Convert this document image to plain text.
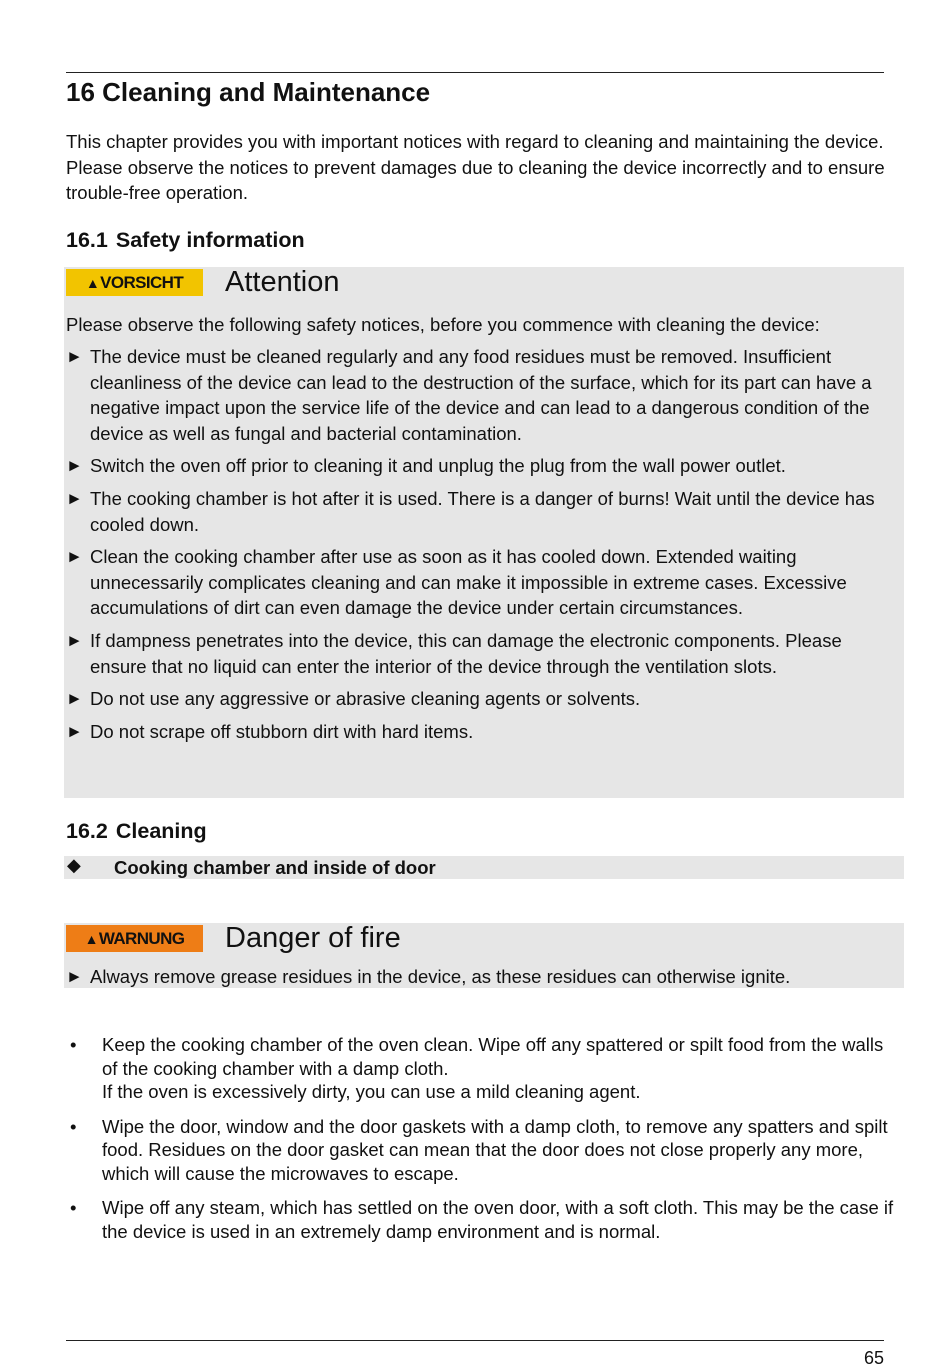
16 Cleaning and Maintenance

This chapter provides you with important notices with regard to cleaning and maintaining the device. Please observe the notices to prevent damages due to cleaning the device incorrectly and to ensure trouble-free operation.

16.1 Safety information
▲ VORSICHT Attention

Please observe the following safety notices, before you commence with cleaning the device:

► The device must be cleaned regularly and any food residues must be removed. Insufficient cleanliness of the device can lead to the destruction of the surface, which for its part can have a negative impact upon the service life of the device and can lead to a dangerous condition of the device as well as fungal and bacterial contamination.
► Switch the oven off prior to cleaning it and unplug the plug from the wall power outlet.
► The cooking chamber is hot after it is used. There is a danger of burns! Wait until the device has cooled down.
► Clean the cooking chamber after use as soon as it has cooled down. Extended waiting unnecessarily complicates cleaning and can make it impossible in extreme cases. Excessive accumulations of dirt can even damage the device under certain circumstances.
► If dampness penetrates into the device, this can damage the electronic components. Please ensure that no liquid can enter the interior of the device through the ventilation slots.
► Do not use any aggressive or abrasive cleaning agents or solvents.
► Do not scrape off stubborn dirt with hard items.
16.2 Cleaning
◆ Cooking chamber and inside of door
▲ WARNUNG Danger of fire
► Always remove grease residues in the device, as these residues can otherwise ignite.
• Keep the cooking chamber of the oven clean. Wipe off any spattered or spilt food from the walls of the cooking chamber with a damp cloth.
If the oven is excessively dirty, you can use a mild cleaning agent.
• Wipe the door, window and the door gaskets with a damp cloth, to remove any spatters and spilt food. Residues on the door gasket can mean that the door does not close properly any more, which will cause the microwaves to escape.
• Wipe off any steam, which has settled on the oven door, with a soft cloth. This may be the case if the device is used in an extremely damp environment and is normal.
65
